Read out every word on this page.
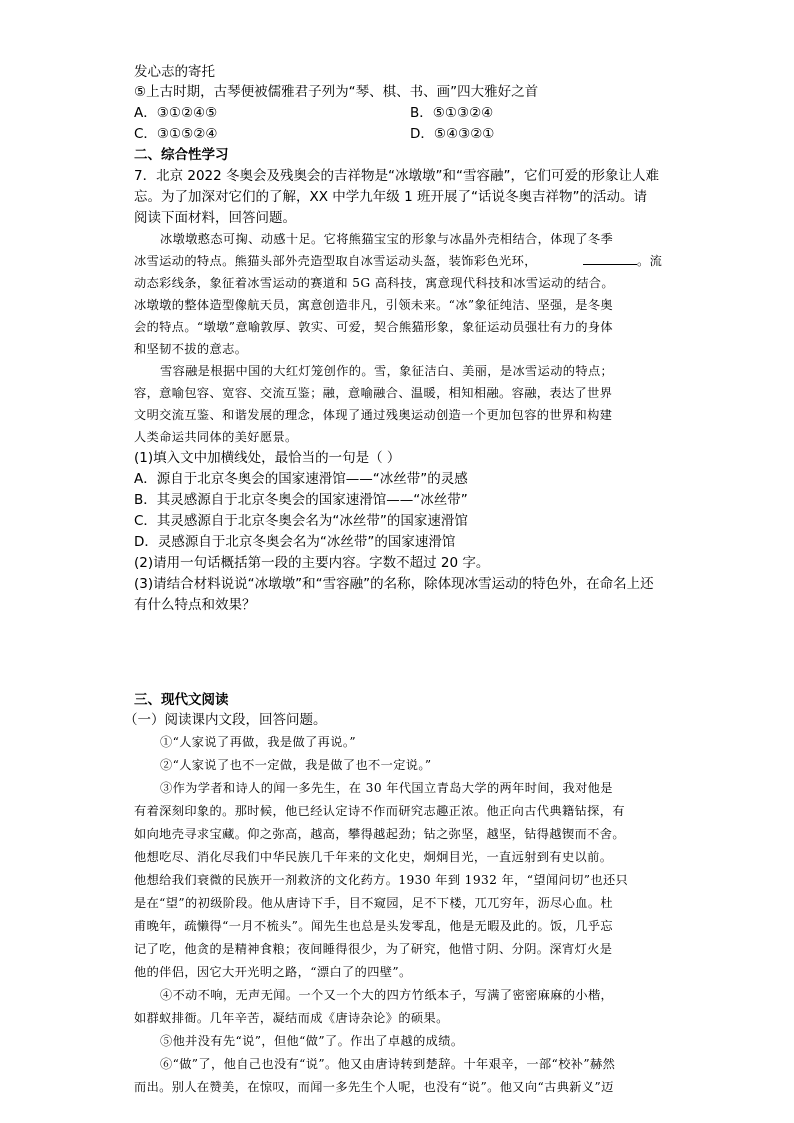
发心志的寄托
⑤上古时期，古琴便被儒雅君子列为“琴、棋、书、画”四大雅好之首
A．③①②④⑤	B．⑤①③②④
C．③①⑤②④	D．⑤④③②①
二、综合性学习
7．北京 2022 冬奥会及残奥会的吉祥物是“冰墩墩”和“雪容融”，它们可爱的形象让人难
忘。为了加深对它们的了解，XX 中学九年级 1 班开展了“话说冬奥吉祥物”的活动。请
阅读下面材料，回答问题。
冰墩墩憨态可掬、动感十足。它将熊猫宝宝的形象与冰晶外壳相结合，体现了冬季
冰雪运动的特点。熊猫头部外壳造型取自冰雪运动头盔，装饰彩色光环，	。流
动态彩线条，象征着冰雪运动的赛道和 5G 高科技，寓意现代科技和冰雪运动的结合。
冰墩墩的整体造型像航天员，寓意创造非凡，引领未来。“冰”象征纯洁、坚强，是冬奥
会的特点。“墩墩”意喻敦厚、敦实、可爱，契合熊猫形象，象征运动员强壮有力的身体
和坚韧不拔的意志。
雪容融是根据中国的大红灯笼创作的。雪，象征洁白、美丽，是冰雪运动的特点；
容，意喻包容、宽容、交流互鉴；融，意喻融合、温暖，相知相融。容融，表达了世界
文明交流互鉴、和谐发展的理念，体现了通过残奥运动创造一个更加包容的世界和构建
人类命运共同体的美好愿景。
(1)填入文中加横线处，最恰当的一句是（ ）
A．源自于北京冬奥会的国家速滑馆——“冰丝带”的灵感
B．其灵感源自于北京冬奥会的国家速滑馆——“冰丝带”
C．其灵感源自于北京冬奥会名为“冰丝带”的国家速滑馆
D．灵感源自于北京冬奥会名为“冰丝带”的国家速滑馆
(2)请用一句话概括第一段的主要内容。字数不超过 20 字。
(3)请结合材料说说“冰墩墩”和“雪容融”的名称，除体现冰雪运动的特色外，在命名上还
有什么特点和效果？
三、现代文阅读
（一）阅读课内文段，回答问题。
①“人家说了再做，我是做了再说。”
②“人家说了也不一定做，我是做了也不一定说。”
③作为学者和诗人的闻一多先生，在 30 年代国立青岛大学的两年时间，我对他是
有着深刻印象的。那时候，他已经认定诗不作而研究志趣正浓。他正向古代典籍钻探，有
如向地壳寻求宝藏。仰之弥高，越高，攀得越起劲；钻之弥坚，越坚，钻得越锲而不舍。
他想吃尽、消化尽我们中华民族几千年来的文化史，炯炯目光，一直远射到有史以前。
他想给我们衰微的民族开一剂救济的文化药方。1930 年到 1932 年，“望闻问切”也还只
是在“望”的初级阶段。他从唐诗下手，目不窥园，足不下楼，兀兀穷年，沥尽心血。杜
甫晚年，疏懒得“一月不梳头”。闻先生也总是头发零乱，他是无暇及此的。饭，几乎忘
记了吃，他贪的是精神食粮；夜间睡得很少，为了研究，他惜寸阴、分阴。深宵灯火是
他的伴侣，因它大开光明之路，“漂白了的四壁”。
④不动不响，无声无闻。一个又一个大的四方竹纸本子，写满了密密麻麻的小楷，
如群蚁排衙。几年辛苦，凝结而成《唐诗杂论》的硕果。
⑤他并没有先“说”，但他“做”了。作出了卓越的成绩。
⑥“做”了，他自己也没有“说”。他又由唐诗转到楚辞。十年艰辛，一部“校补”赫然
而出。别人在赞美，在惊叹，而闻一多先生个人呢，也没有“说”。他又向“古典新义”迈
